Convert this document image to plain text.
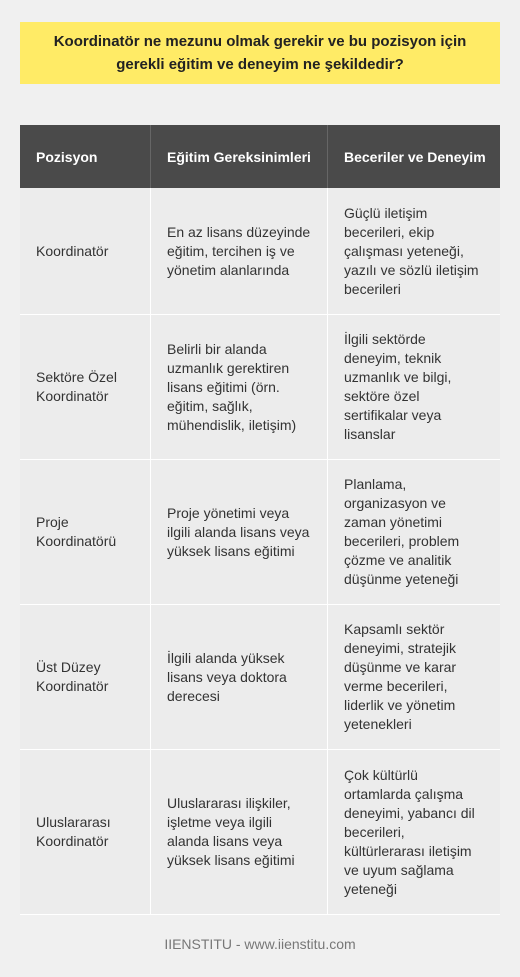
Koordinatör ne mezunu olmak gerekir ve bu pozisyon için gerekli eğitim ve deneyim ne şekildedir?
Pozisyon	Eğitim Gereksinimleri	Beceriler ve Deneyim
Koordinatör	En az lisans düzeyinde eğitim, tercihen iş ve yönetim alanlarında	Güçlü iletişim becerileri, ekip çalışması yeteneği, yazılı ve sözlü iletişim becerileri
Sektöre Özel Koordinatör	Belirli bir alanda uzmanlık gerektiren lisans eğitimi (örn. eğitim, sağlık, mühendislik, iletişim)	İlgili sektörde deneyim, teknik uzmanlık ve bilgi, sektöre özel sertifikalar veya lisanslar
Proje Koordinatörü	Proje yönetimi veya ilgili alanda lisans veya yüksek lisans eğitimi	Planlama, organizasyon ve zaman yönetimi becerileri, problem çözme ve analitik düşünme yeteneği
Üst Düzey Koordinatör	İlgili alanda yüksek lisans veya doktora derecesi	Kapsamlı sektör deneyimi, stratejik düşünme ve karar verme becerileri, liderlik ve yönetim yetenekleri
Uluslararası Koordinatör	Uluslararası ilişkiler, işletme veya ilgili alanda lisans veya yüksek lisans eğitimi	Çok kültürlü ortamlarda çalışma deneyimi, yabancı dil becerileri, kültürlerarası iletişim ve uyum sağlama yeteneği
IIENSTITU - www.iienstitu.com
